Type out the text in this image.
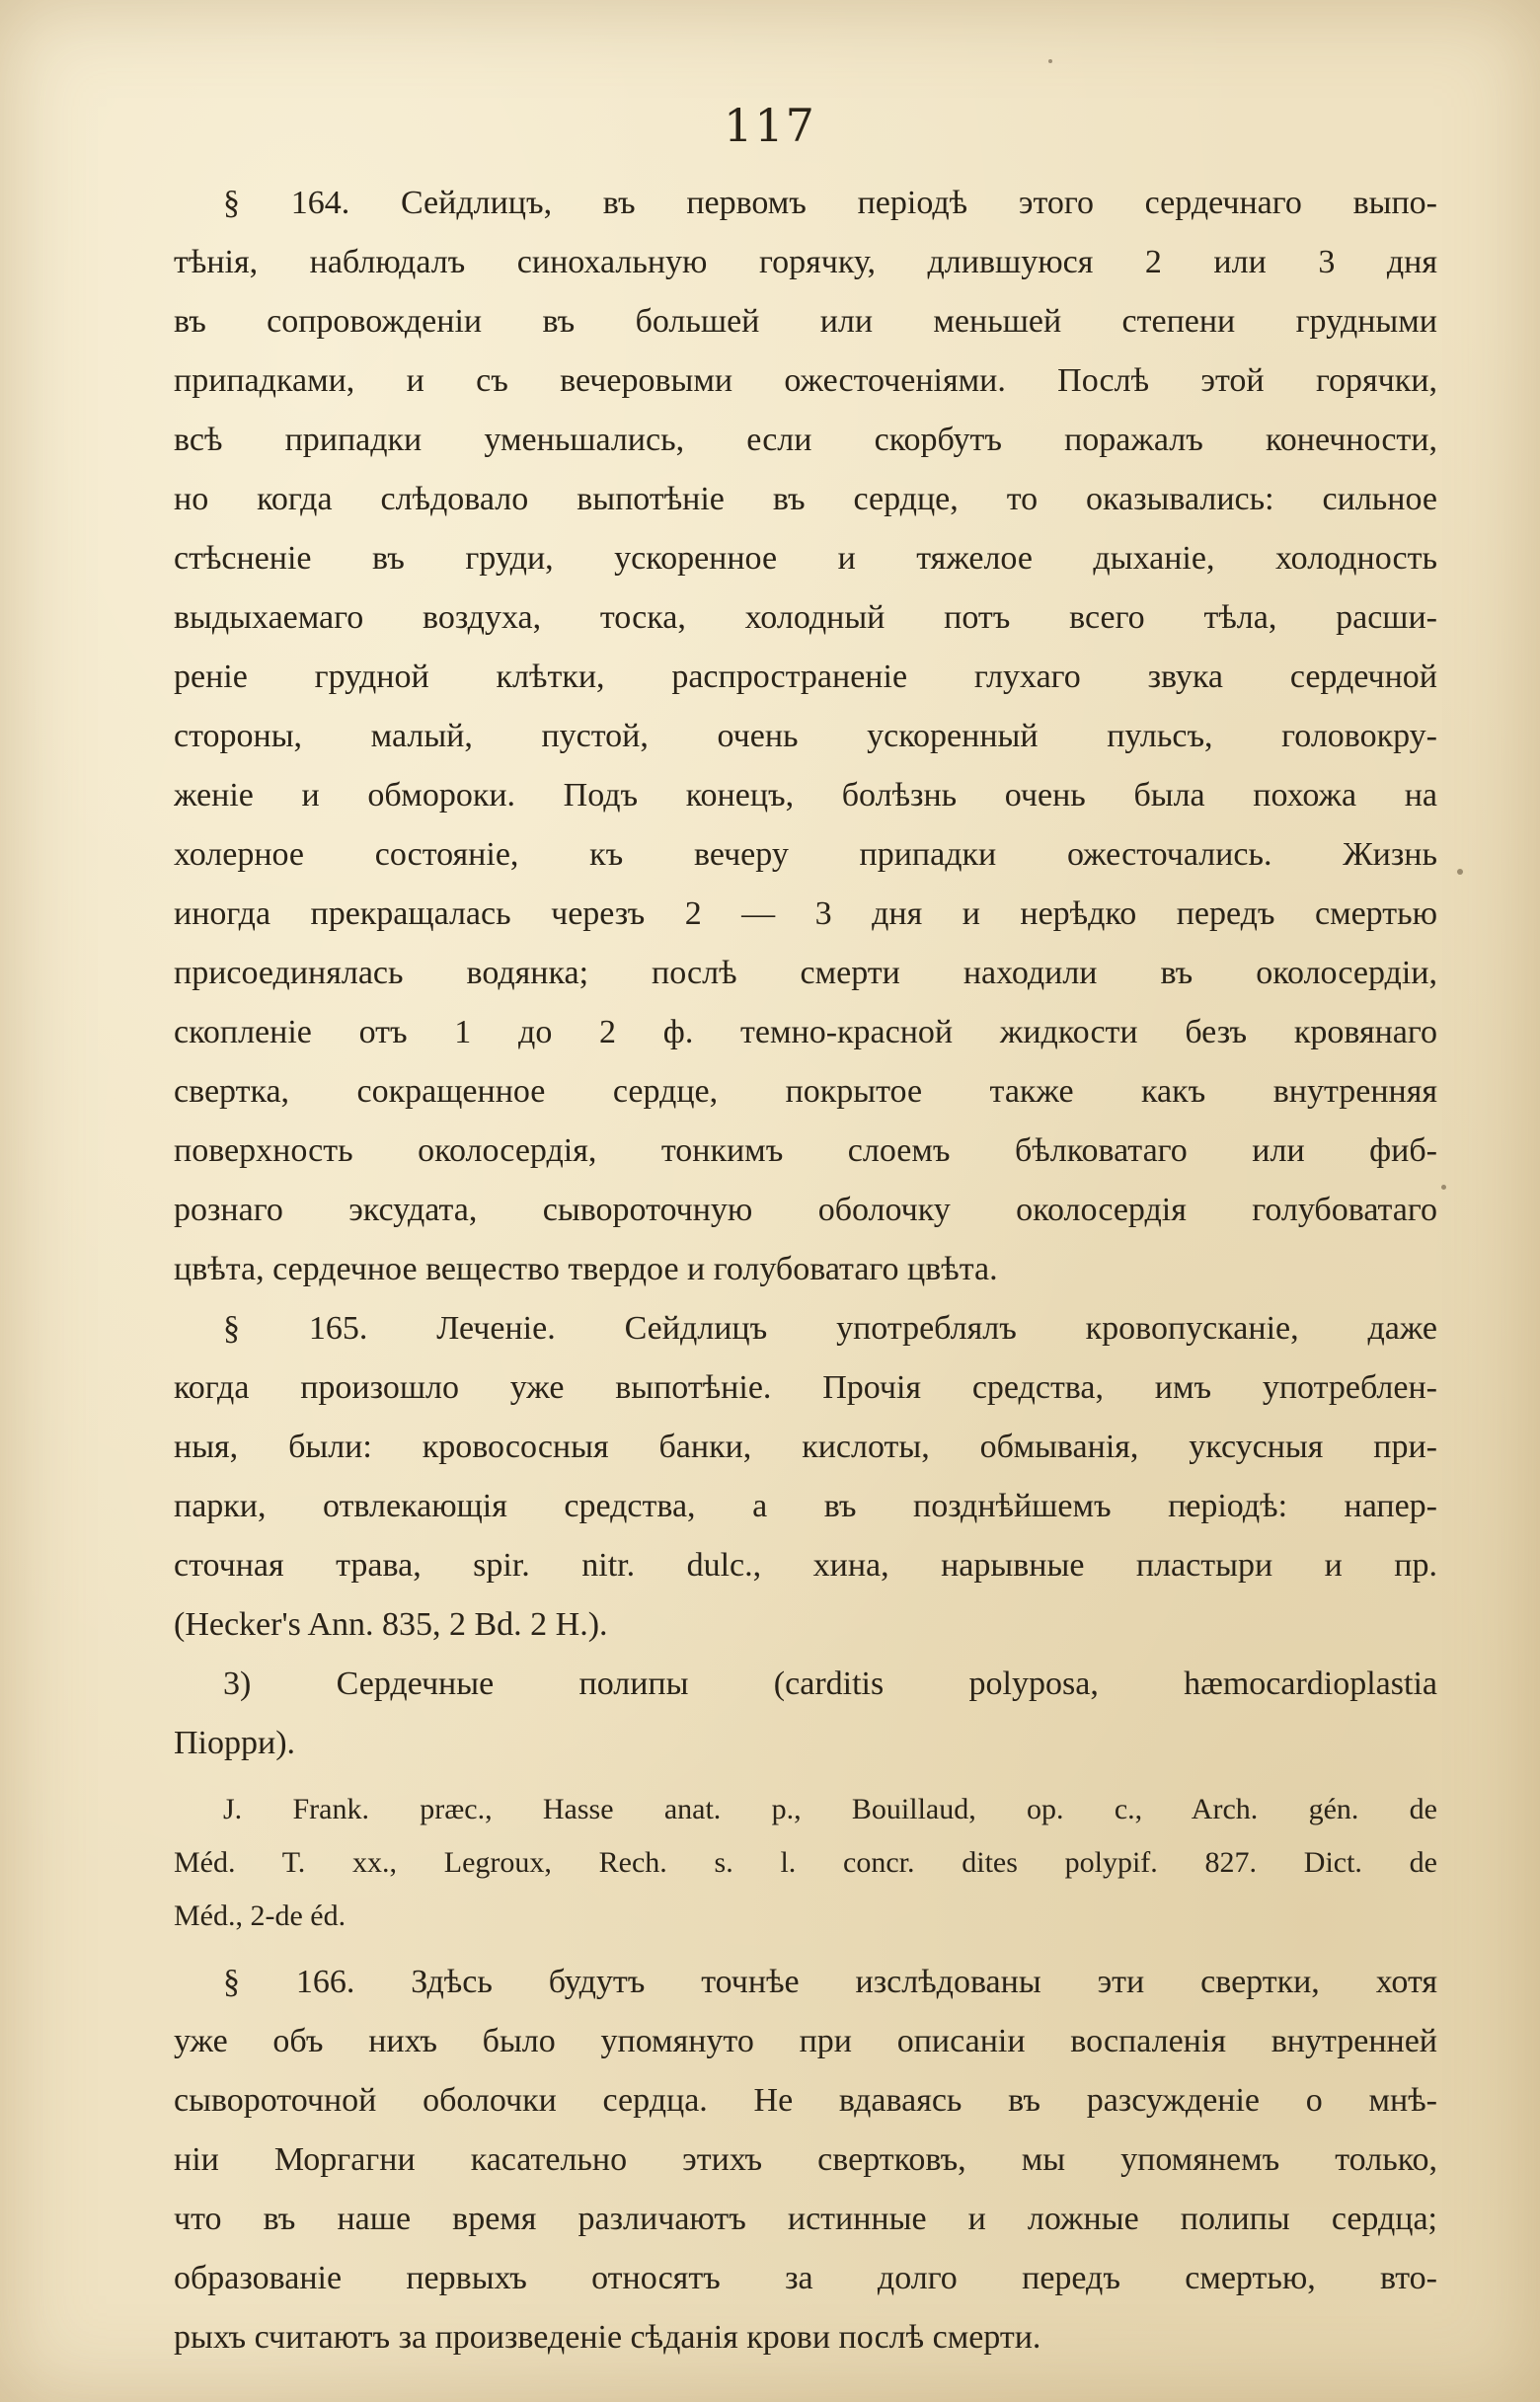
117
§ 164. Сейдлицъ, въ первомъ періодѣ этого сердечнаго выпо-
тѣнія, наблюдалъ синохальную горячку, длившуюся 2 или 3 дня
въ сопровожденіи въ большей или меньшей степени грудными
припадками, и съ вечеровыми ожесточеніями. Послѣ этой горячки,
всѣ припадки уменьшались, если скорбутъ поражалъ конечности,
но когда слѣдовало выпотѣніе въ сердце, то оказывались: сильное
стѣсненіе въ груди, ускоренное и тяжелое дыханіе, холодность
выдыхаемаго воздуха, тоска, холодный потъ всего тѣла, расши-
реніе грудной клѣтки, распространеніе глухаго звука сердечной
стороны, малый, пустой, очень ускоренный пульсъ, головокру-
женіе и обмороки. Подъ конецъ, болѣзнь очень была похожа на
холерное состояніе, къ вечеру припадки ожесточались. Жизнь
иногда прекращалась черезъ 2 — 3 дня и нерѣдко передъ смертью
присоединялась водянка; послѣ смерти находили въ околосердіи,
скопленіе отъ 1 до 2 ф. темно-красной жидкости безъ кровянаго
свертка, сокращенное сердце, покрытое также какъ внутренняя
поверхность околосердія, тонкимъ слоемъ бѣлковатаго или фиб-
рознаго эксудата, сывороточную оболочку околосердія голубоватаго
цвѣта, сердечное вещество твердое и голубоватаго цвѣта.
§ 165. Леченіе. Сейдлицъ употреблялъ кровопусканіе, даже
когда произошло уже выпотѣніе. Прочія средства, имъ употреблен-
ныя, были: кровососныя банки, кислоты, обмыванія, уксусныя при-
парки, отвлекающія средства, а въ позднѣйшемъ періодѣ: напер-
сточная трава, spir. nitr. dulc., хина, нарывные пластыри и пр.
(Hecker's Ann. 835, 2 Bd. 2 H.).
3) Сердечные полипы (carditis polyposa, hæmocardioplastia
Піорри).
J. Frank. præc., Hasse anat. p., Bouillaud, op. c., Arch. gén. de
Méd. T. xx., Legroux, Rech. s. l. concr. dites polypif. 827. Dict. de
Méd., 2-de éd.
§ 166. Здѣсь будутъ точнѣе изслѣдованы эти свертки, хотя
уже объ нихъ было упомянуто при описаніи воспаленія внутренней
сывороточной оболочки сердца. Не вдаваясь въ разсужденіе о мнѣ-
ніи Моргагни касательно этихъ свертковъ, мы упомянемъ только,
что въ наше время различаютъ истинные и ложные полипы сердца;
образованіе первыхъ относятъ за долго передъ смертью, вто-
рыхъ считаютъ за произведеніе сѣданія крови послѣ смерти.
